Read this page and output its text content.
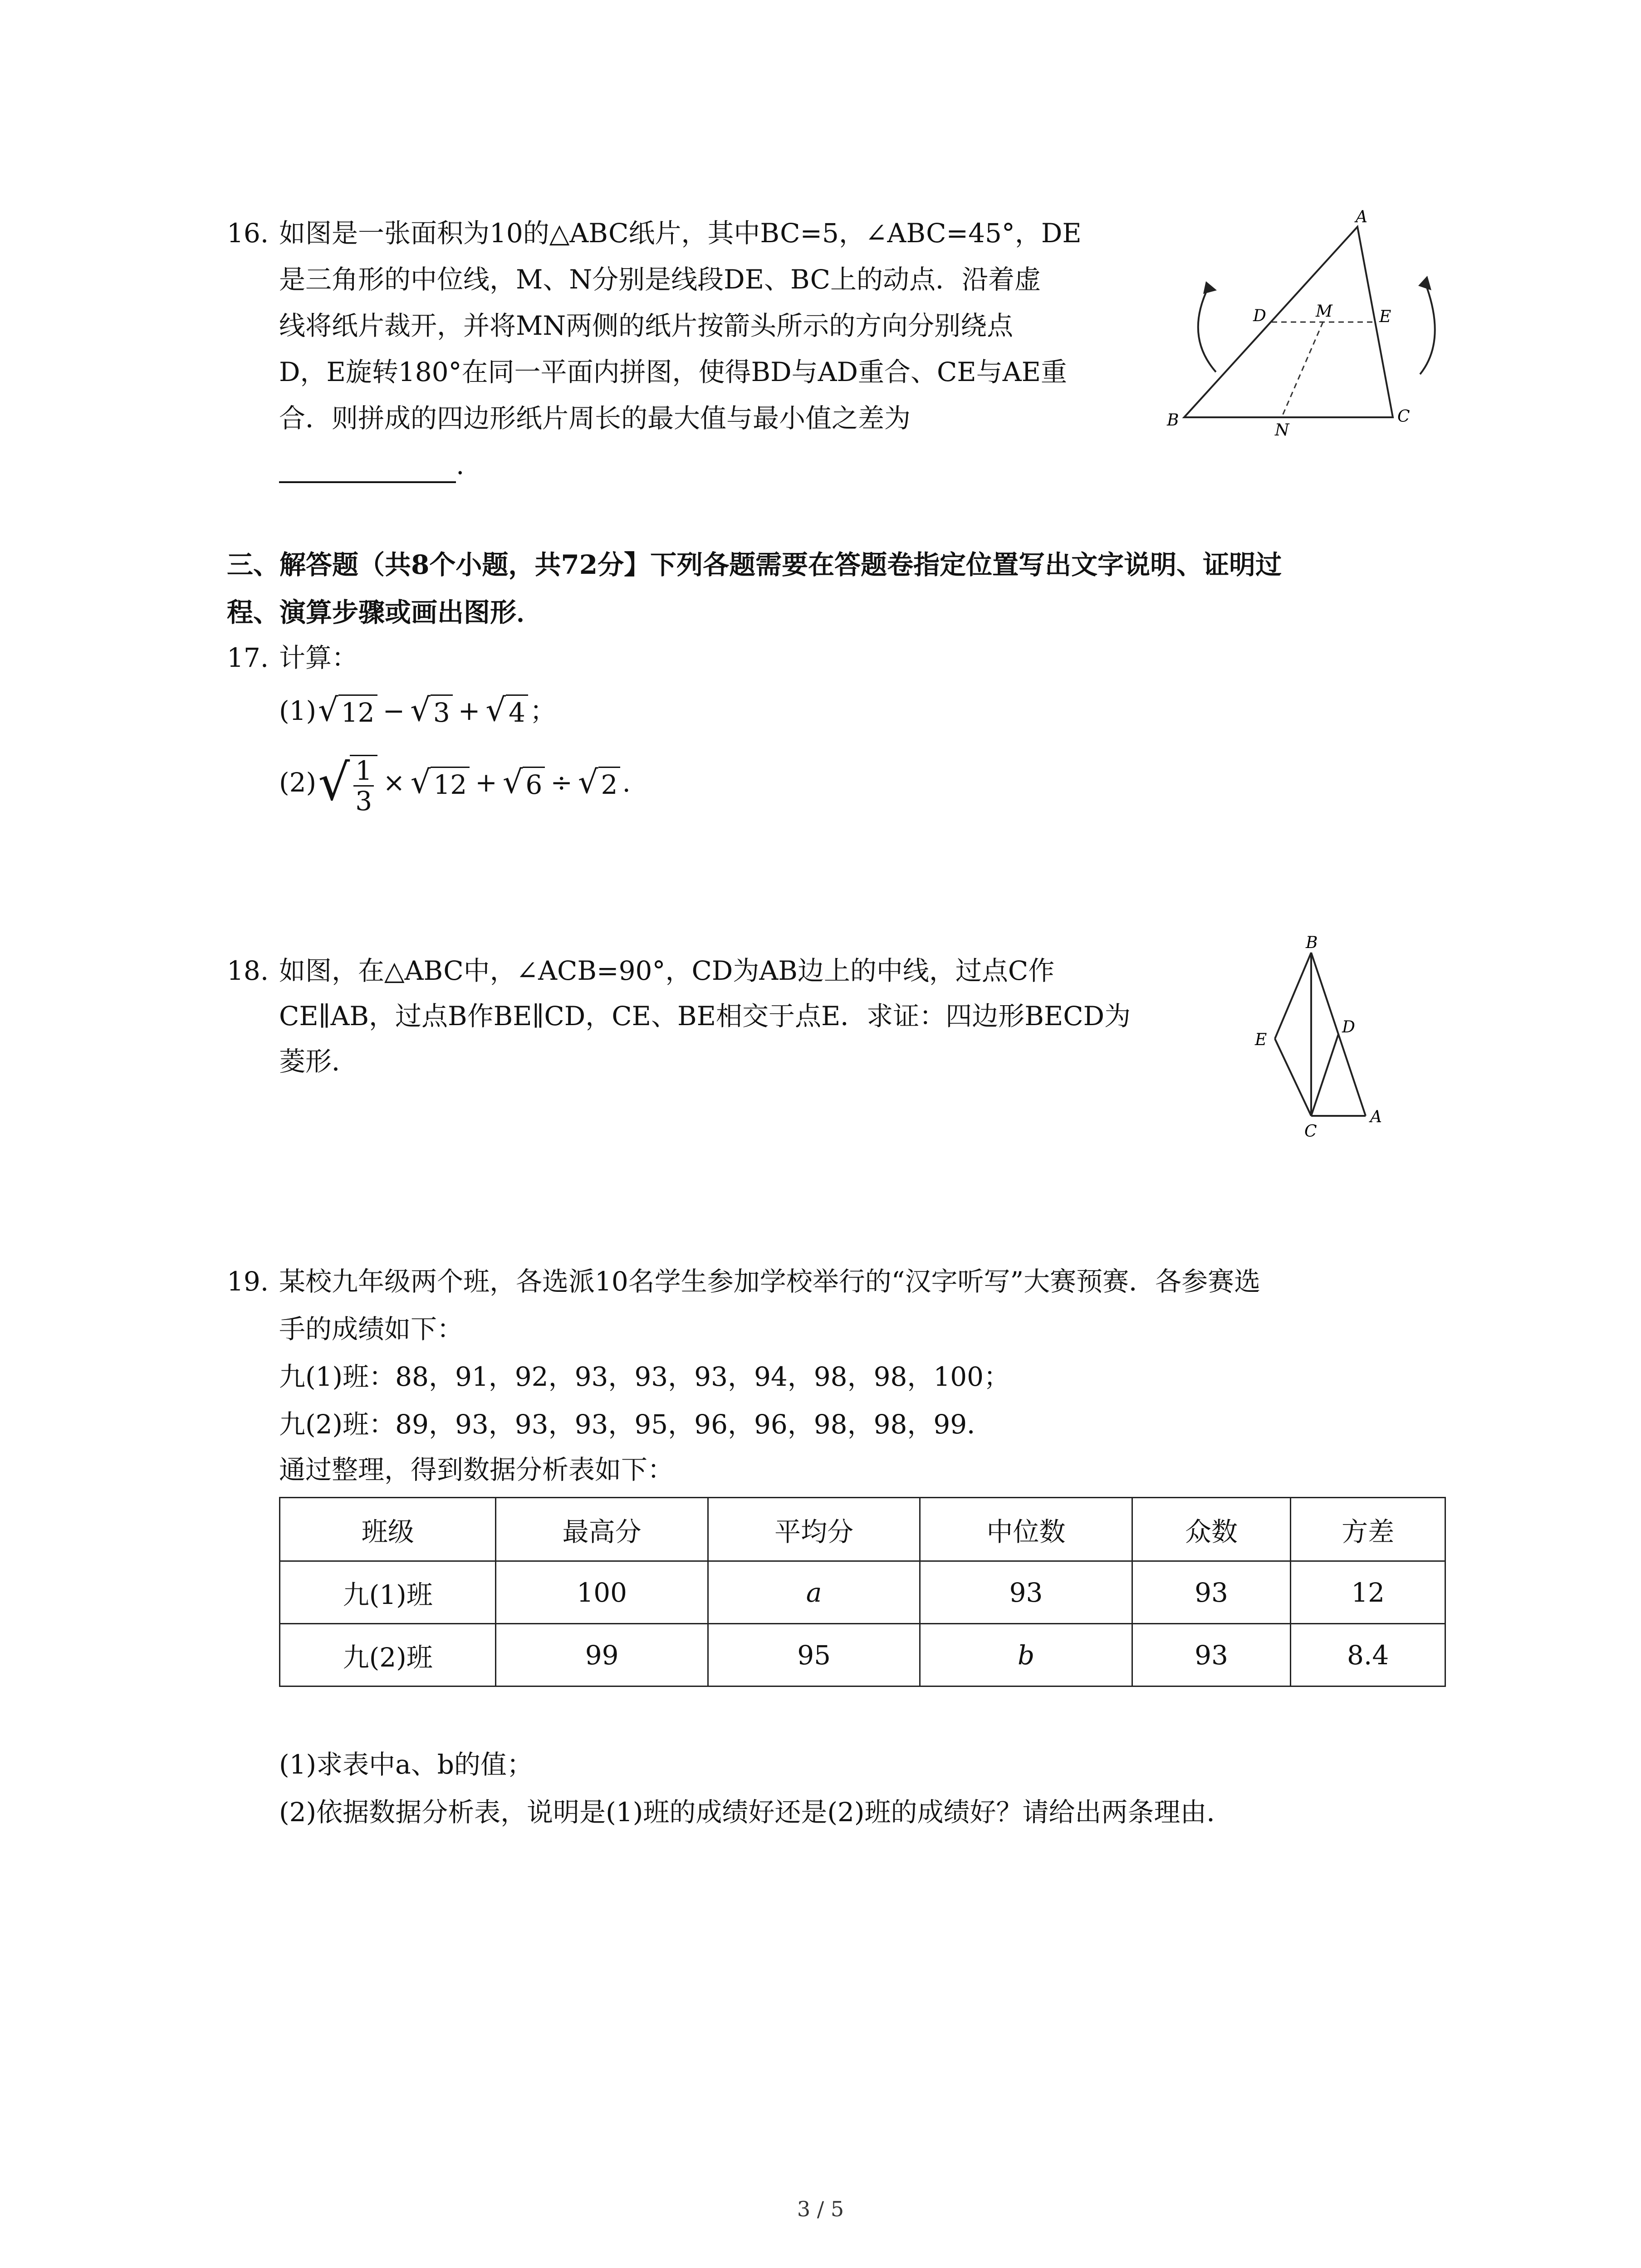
16. 如图是一张面积为10的△ABC纸片，其中BC=5，∠ABC=45°，DE
是三角形的中位线，M、N分别是线段DE、BC上的动点．沿着虚
线将纸片裁开，并将MN两侧的纸片按箭头所示的方向分别绕点
D，E旋转180°在同一平面内拼图，使得BD与AD重合、CE与AE重
合．则拼成的四边形纸片周长的最大值与最小值之差为
.
A
B	C
D	E
M
N
三、解答题（共8个小题，共72分】下列各题需要在答题卷指定位置写出文字说明、证明过
程、演算步骤或画出图形．
17. 计算：
(1) √ 12 − √ 3 + √ 4 ；
(2) √ $\frac{1}{3}$ × √ 12 + √ 6 ÷ √ 2 .
18. 如图，在△ABC中，∠ACB=90°，CD为AB边上的中线，过点C作
CE∥AB，过点B作BE∥CD，CE、BE相交于点E．求证：四边形BECD为
菱形．
B
E
D
C
A
19. 某校九年级两个班，各选派10名学生参加学校举行的“汉字听写”大赛预赛．各参赛选
手的成绩如下：
九(1)班：88，91，92，93，93，93，94，98，98，100；
九(2)班：89，93，93，93，95，96，96，98，98，99．
通过整理，得到数据分析表如下：
班级	最高分	平均分	中位数	众数	方差
九(1)班	100	a	93	93	12
九(2)班	99	95	b	93	8.4
(1)求表中a、b的值；
(2)依据数据分析表，说明是(1)班的成绩好还是(2)班的成绩好？请给出两条理由．
3 / 5
